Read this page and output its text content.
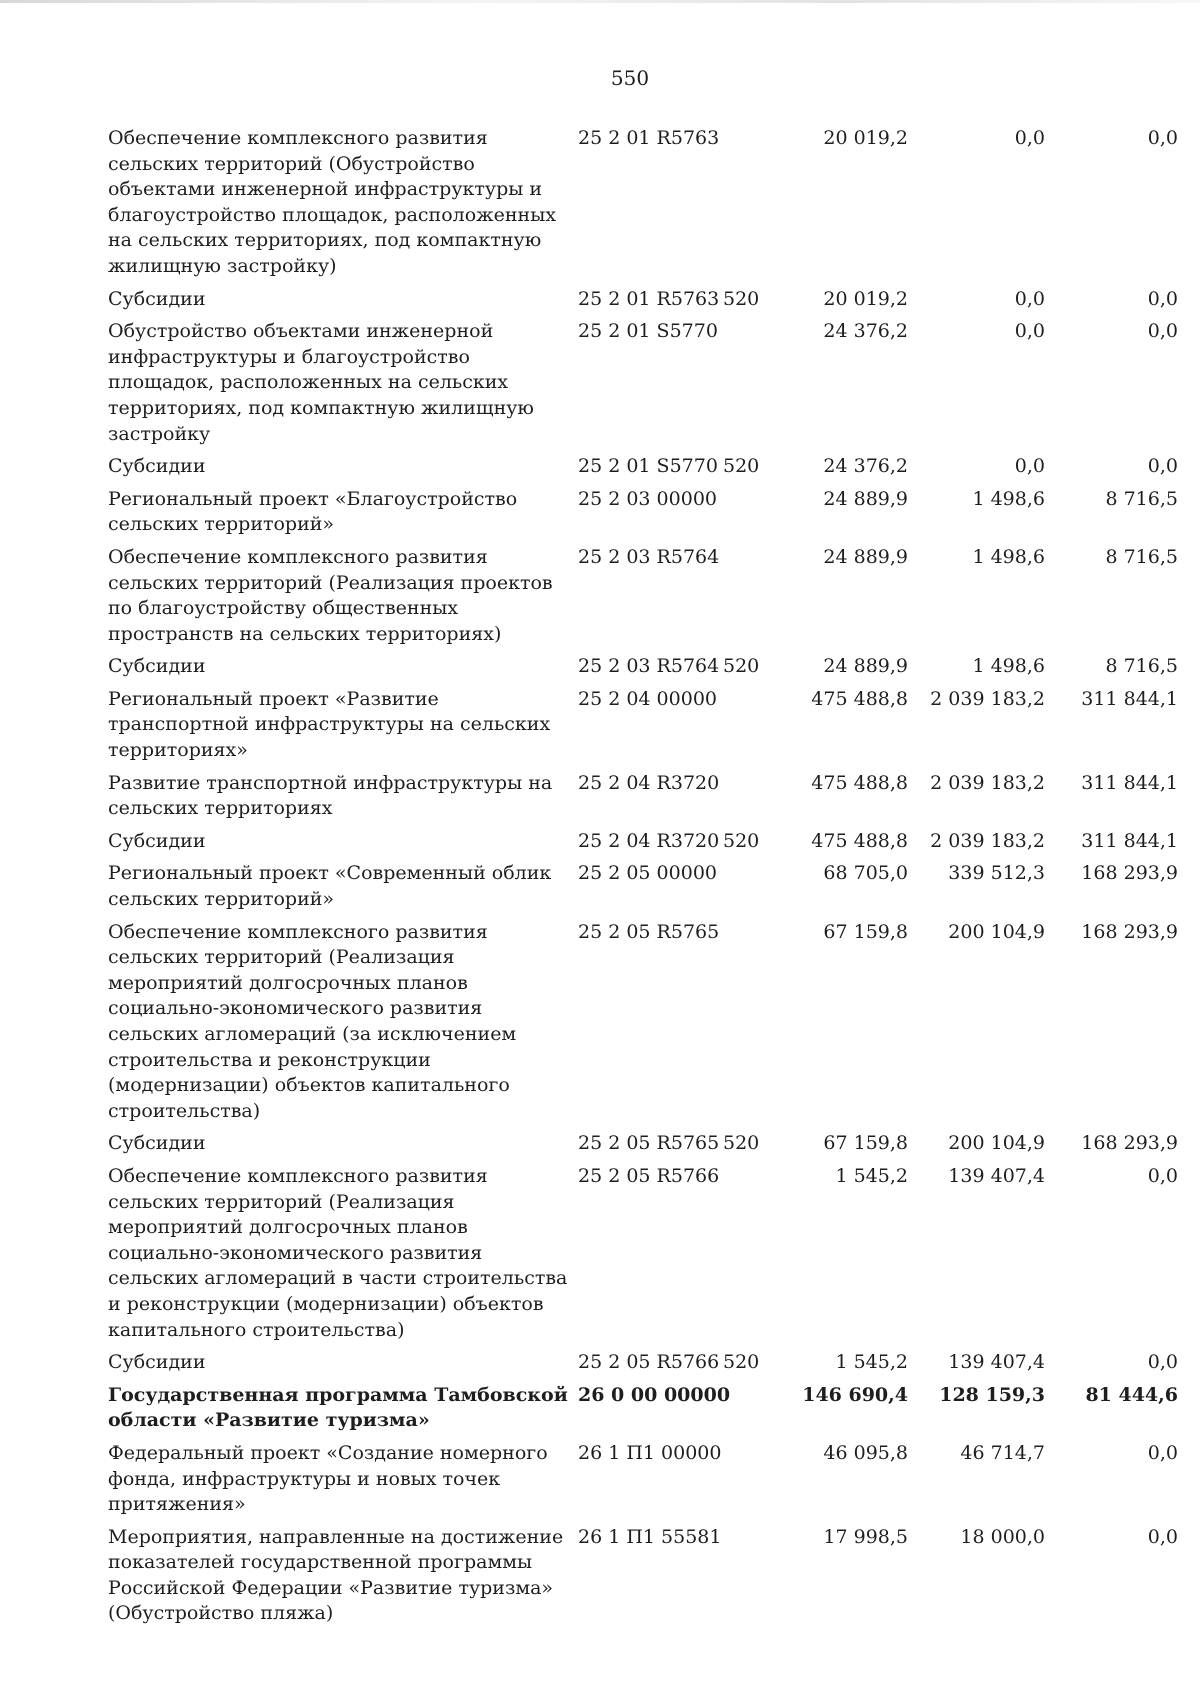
550
Обеспечение комплексного развития сельских территорий (Обустройство объектами инженерной инфраструктуры и благоустройство площадок, расположенных на сельских территориях, под компактную жилищную застройку)	25 2 01 R5763		20 019,2	0,0	0,0
Субсидии	25 2 01 R5763	520	20 019,2	0,0	0,0
Обустройство объектами инженерной инфраструктуры и благоустройство площадок, расположенных на сельских территориях, под компактную жилищную застройку	25 2 01 S5770		24 376,2	0,0	0,0
Субсидии	25 2 01 S5770	520	24 376,2	0,0	0,0
Региональный проект «Благоустройство сельских территорий»	25 2 03 00000		24 889,9	1 498,6	8 716,5
Обеспечение комплексного развития сельских территорий (Реализация проектов по благоустройству общественных пространств на сельских территориях)	25 2 03 R5764		24 889,9	1 498,6	8 716,5
Субсидии	25 2 03 R5764	520	24 889,9	1 498,6	8 716,5
Региональный проект «Развитие транспортной инфраструктуры на сельских территориях»	25 2 04 00000		475 488,8	2 039 183,2	311 844,1
Развитие транспортной инфраструктуры на сельских территориях	25 2 04 R3720		475 488,8	2 039 183,2	311 844,1
Субсидии	25 2 04 R3720	520	475 488,8	2 039 183,2	311 844,1
Региональный проект «Современный облик сельских территорий»	25 2 05 00000		68 705,0	339 512,3	168 293,9
Обеспечение комплексного развития сельских территорий (Реализация мероприятий долгосрочных планов социально-экономического развития сельских агломераций (за исключением строительства и реконструкции (модернизации) объектов капитального строительства)	25 2 05 R5765		67 159,8	200 104,9	168 293,9
Субсидии	25 2 05 R5765	520	67 159,8	200 104,9	168 293,9
Обеспечение комплексного развития сельских территорий (Реализация мероприятий долгосрочных планов социально-экономического развития сельских агломераций в части строительства и реконструкции (модернизации) объектов капитального строительства)	25 2 05 R5766		1 545,2	139 407,4	0,0
Субсидии	25 2 05 R5766	520	1 545,2	139 407,4	0,0
Государственная программа Тамбовской области «Развитие туризма»	26 0 00 00000		146 690,4	128 159,3	81 444,6
Федеральный проект «Создание номерного фонда, инфраструктуры и новых точек притяжения»	26 1 П1 00000		46 095,8	46 714,7	0,0
Мероприятия, направленные на достижение показателей государственной программы Российской Федерации «Развитие туризма» (Обустройство пляжа)	26 1 П1 55581		17 998,5	18 000,0	0,0
